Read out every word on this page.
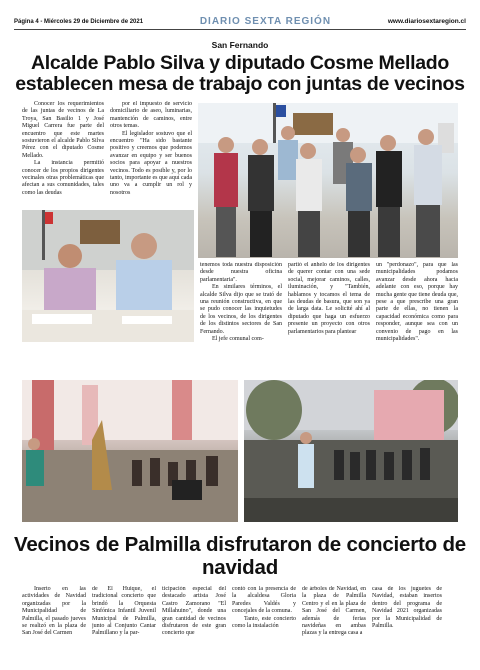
Página 4 - Miércoles 29 de Diciembre de 2021	DIARIO SEXTA REGIÓN	www.diariosextaregion.cl
San Fernando
Alcalde Pablo Silva y diputado Cosme Mellado establecen mesa de trabajo con juntas de vecinos

Conocer los requerimientos de las juntas de vecinos de La Troya, San Basilio 1 y José Miguel Carrera fue parte del encuentro que este martes sostuvieron el alcalde Pablo Silva Pérez con el diputado Cosme Mellado.

La instancia permitió conocer de los propios dirigentes vecinales otras problemáticas que afectan a sus comunidades, tales como las deudas

por el impuesto de servicio domiciliario de aseo, luminarias, mantención de caminos, entre otros temas.

El legislador sostuvo que el encuentro "Ha sido bastante positivo y creemos que podemos avanzar en equipo y ser buenos socios para apoyar a nuestros vecinos. Todo es posible y, por lo tanto, importante es que aquí cada uno va a cumplir un rol y nosotros

tenemos toda nuestra disposición desde nuestra oficina parlamentaria".

En similares términos, el alcalde Silva dijo que se trató de una reunión constructiva, en que se pudo conocer las inquietudes de los vecinos, de los dirigentes de los distintos sectores de San Fernando.

El jefe comunal com-

partió el anhelo de los dirigentes de querer contar con una sede social, mejorar caminos, calles, iluminación, y "También, hablamos y tocamos el tema de las deudas de basura, que son ya de larga data. Le solicité ahí al diputado que haga un esfuerzo presente un proyecto con otros parlamentarios para plantear

un "perdonazo", para que las municipalidades podamos avanzar desde ahora hacia adelante con eso, porque hay mucha gente que tiene deuda que, pese a que prescribe una gran parte de ellas, no tienen la capacidad económica como para responder, aunque sea con un convenio de pago en las municipalidades".

Vecinos de Palmilla disfrutaron de concierto de navidad

Inserto en las actividades de Navidad organizadas por la Municipalidad de Palmilla, el pasado jueves se realizó en la plaza de San José del Carmen

de El Huique, el tradicional concierto que brindó la Orquesta Sinfónica Infantil Juvenil Municipal de Palmilla, junto al Conjunto Cantar Palmillano y la par-

ticipación especial del destacado artista José Castro Zamorano "El Millahuino", donde una gran cantidad de vecinos disfrutaron de este gran concierto que

contó con la presencia de la alcaldesa Gloria Paredes Valdés y concejales de la comuna.

Tanto, este concierto como la instalación

de árboles de Navidad, en la plaza de Palmilla Centro y el en la plaza de San José del Carmen, además de ferias navideñas en ambas plazas y la entrega casa a

casa de los juguetes de Navidad, estaban insertos dentro del programa de Navidad 2021 organizadas por la Municipalidad de Palmilla.
